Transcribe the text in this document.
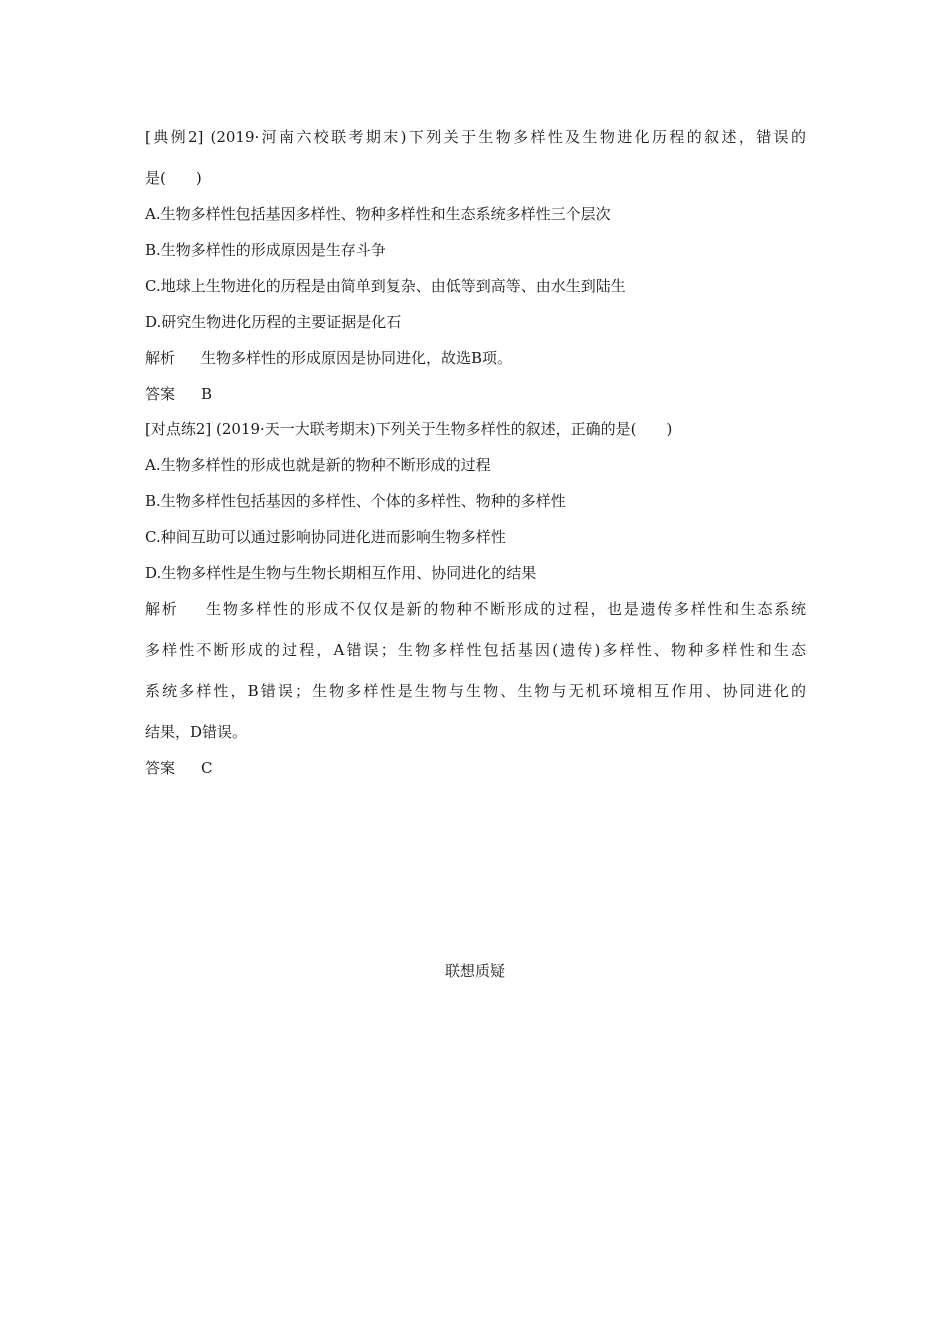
[典例2] (2019·河南六校联考期末)下列关于生物多样性及生物进化历程的叙述，错误的
是(　　)
A.生物多样性包括基因多样性、物种多样性和生态系统多样性三个层次
B.生物多样性的形成原因是生存斗争
C.地球上生物进化的历程是由简单到复杂、由低等到高等、由水生到陆生
D.研究生物进化历程的主要证据是化石
解析 生物多样性的形成原因是协同进化，故选B项。
答案 B
[对点练2] (2019·天一大联考期末)下列关于生物多样性的叙述，正确的是(　　)
A.生物多样性的形成也就是新的物种不断形成的过程
B.生物多样性包括基因的多样性、个体的多样性、物种的多样性
C.种间互助可以通过影响协同进化进而影响生物多样性
D.生物多样性是生物与生物长期相互作用、协同进化的结果
解析 生物多样性的形成不仅仅是新的物种不断形成的过程，也是遗传多样性和生态系统
多样性不断形成的过程，A错误；生物多样性包括基因(遗传)多样性、物种多样性和生态
系统多样性，B错误；生物多样性是生物与生物、生物与无机环境相互作用、协同进化的
结果，D错误。
答案 C
联想质疑
